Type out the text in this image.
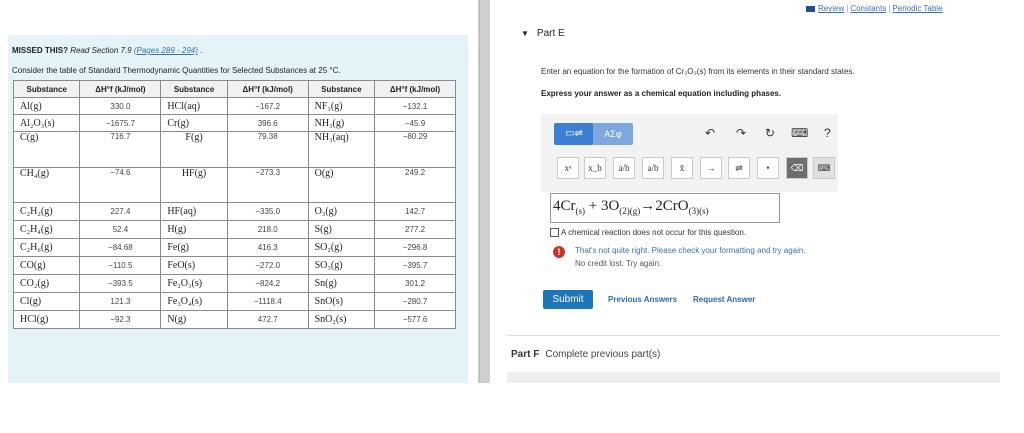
MISSED THIS? Read Section 7.9 (Pages 289 - 294) .
Consider the table of Standard Thermodynamic Quantities for Selected Substances at 25 °C.
Substance	ΔH°f (kJ/mol)	Substance	ΔH°f (kJ/mol)	Substance	ΔH°f (kJ/mol)
Al(g)	330.0	HCl(aq)	−167.2	NF₃(g)	−132.1
Al₂O₃(s)	−1675.7	Cr(g)	396.6	NH₃(g)	−45.9
C(g)	716.7	F(g)	79.38	NH₃(aq)	−80.29
CH₄(g)	−74.6	HF(g)	−273.3	O(g)	249.2
C₂H₂(g)	227.4	HF(aq)	−335.0	O₃(g)	142.7
C₂H₄(g)	52.4	H(g)	218.0	S(g)	277.2
C₂H₆(g)	−84.68	Fe(g)	416.3	SO₂(g)	−296.8
CO(g)	−110.5	FeO(s)	−272.0	SO₃(g)	−395.7
CO₂(g)	−393.5	Fe₂O₃(s)	−824.2	Sn(g)	301.2
Cl(g)	121.3	Fe₃O₄(s)	−1118.4	SnO(s)	−280.7
HCl(g)	−92.3	N(g)	472.7	SnO₂(s)	−577.6
Review | Constants | Periodic Table
▼ Part E
Enter an equation for the formation of Cr₂O₃(s) from its elements in their standard states.
Express your answer as a chemical equation including phases.
▭⇌	ΑΣφ	↶ ↷ ↻ ⌨ ?
xᵃ	x_b	a/b	a/b	x̄	→	⇌	•	⌫	⌨
$4Cr_{(s)} + 3O_{(2)(g)}\to 2CrO_{(3)(s)}$
A chemical reaction does not occur for this question.
!	That's not quite right. Please check your formatting and try again.
No credit lost. Try again.
Submit	Previous Answers Request Answer
Part F Complete previous part(s)
